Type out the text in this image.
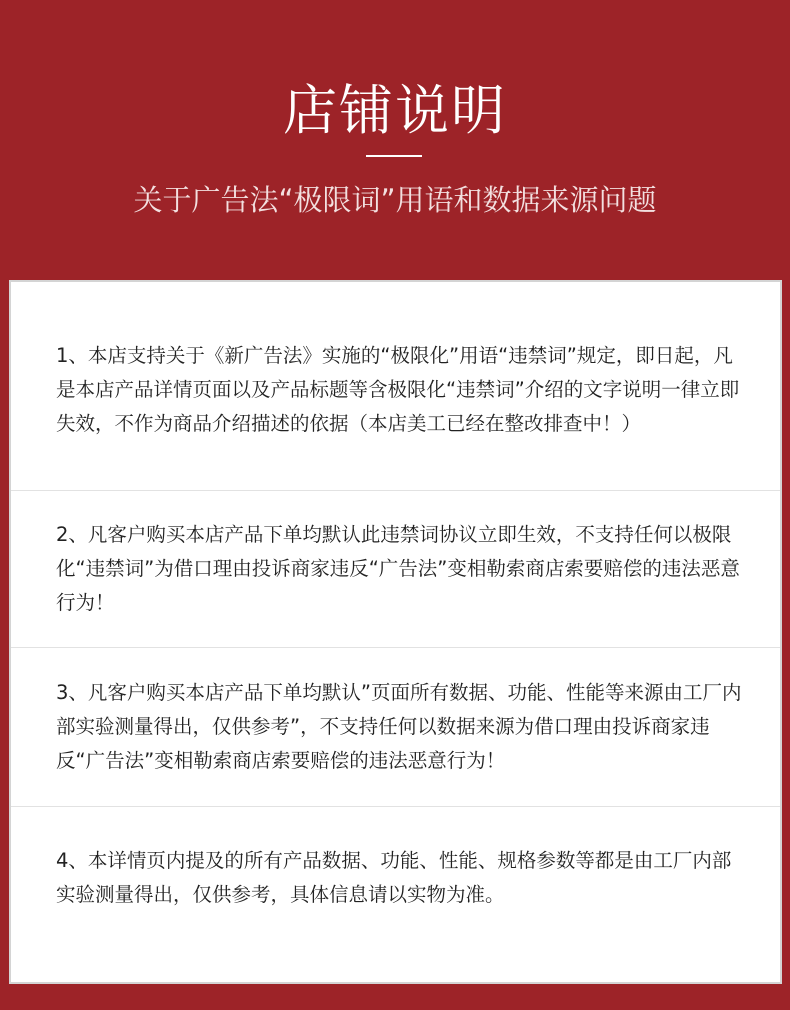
店铺说明
关于广告法“极限词”用语和数据来源问题

1、本店支持关于《新广告法》实施的“极限化”用语“违禁词”规定，即日起，凡是本店产品详情页面以及产品标题等含极限化“违禁词”介绍的文字说明一律立即失效，不作为商品介绍描述的依据（本店美工已经在整改排查中！）

2、凡客户购买本店产品下单均默认此违禁词协议立即生效，不支持任何以极限化“违禁词”为借口理由投诉商家违反“广告法”变相勒索商店索要赔偿的违法恶意行为！

3、凡客户购买本店产品下单均默认”页面所有数据、功能、性能等来源由工厂内部实验测量得出，仅供参考”，不支持任何以数据来源为借口理由投诉商家违反“广告法”变相勒索商店索要赔偿的违法恶意行为！

4、本详情页内提及的所有产品数据、功能、性能、规格参数等都是由工厂内部实验测量得出，仅供参考，具体信息请以实物为准。
